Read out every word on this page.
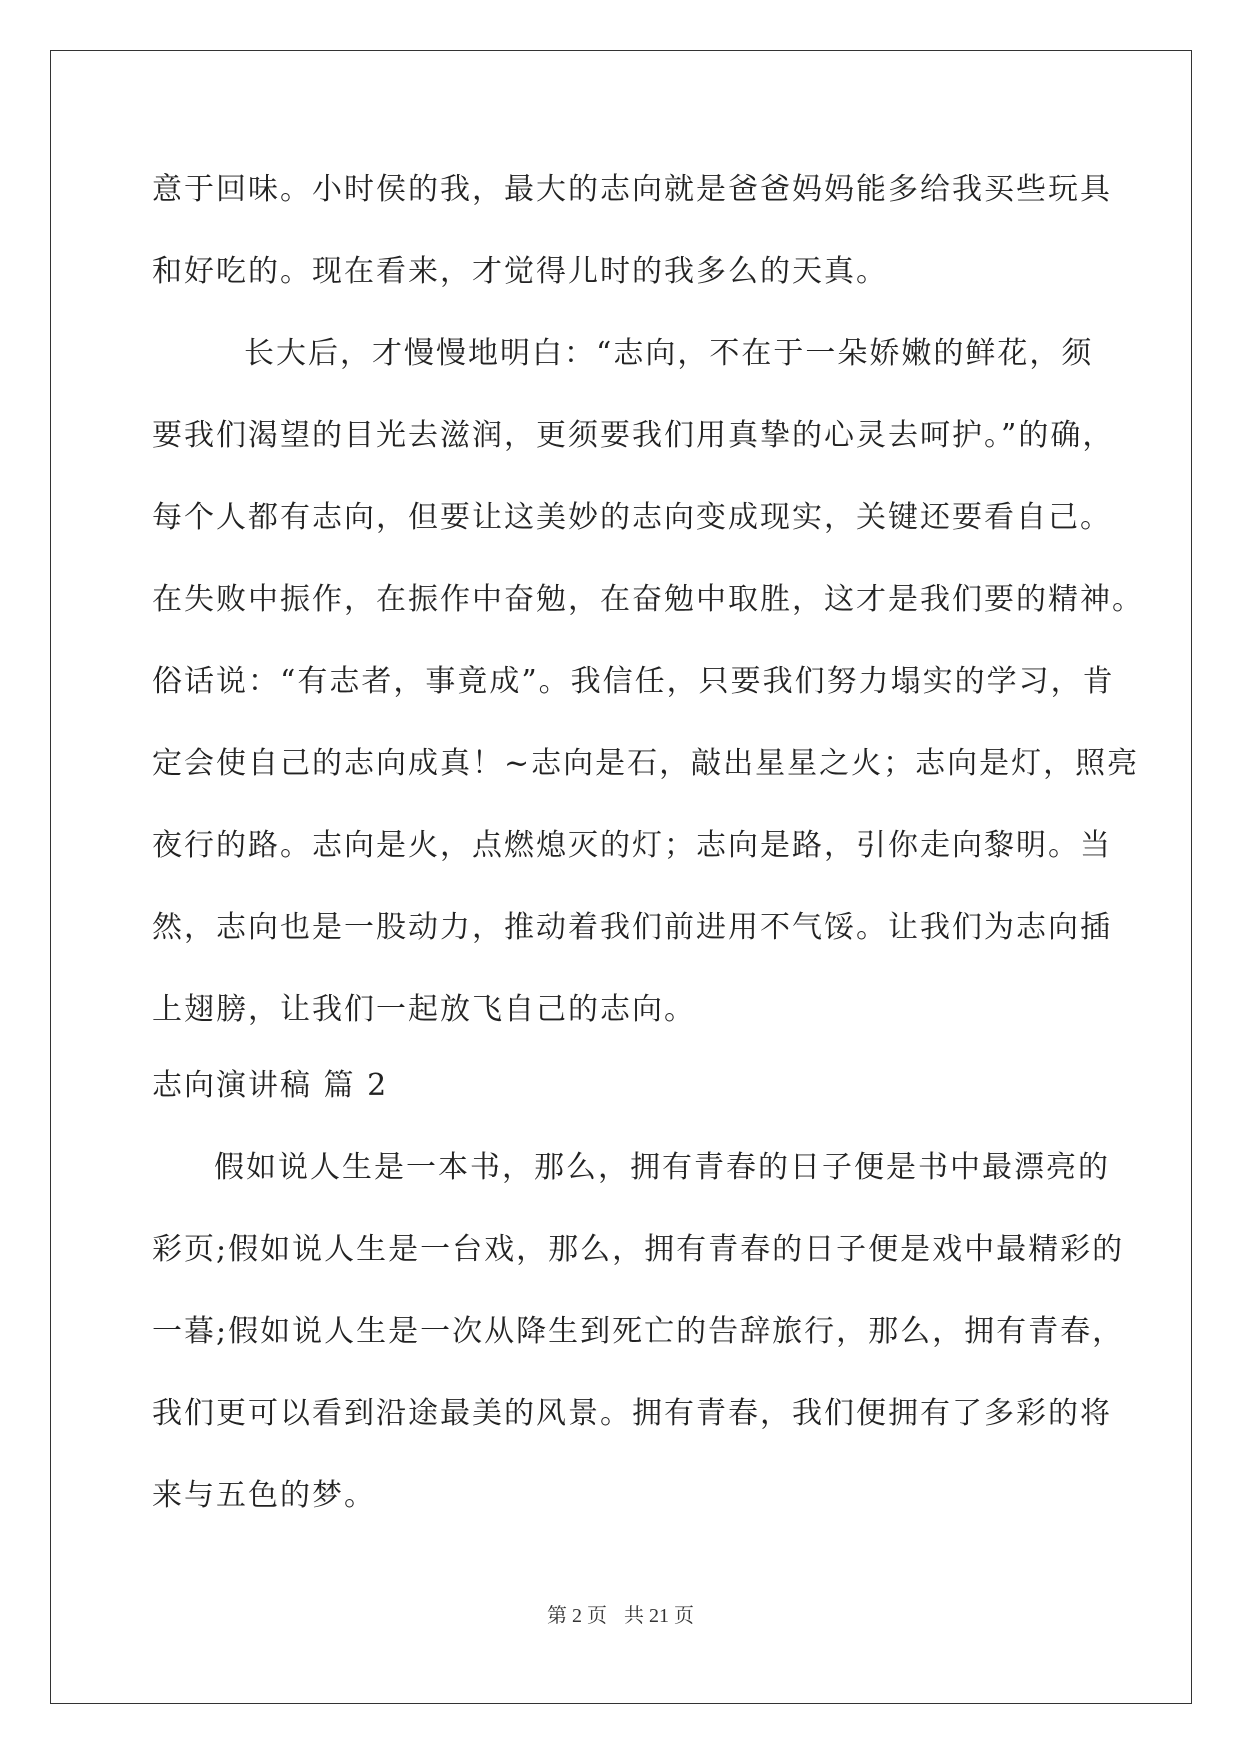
意于回味。小时侯的我，最大的志向就是爸爸妈妈能多给我买些玩具
和好吃的。现在看来，才觉得儿时的我多么的天真。
长大后，才慢慢地明白：“志向，不在于一朵娇嫩的鲜花，须
要我们渴望的目光去滋润，更须要我们用真挚的心灵去呵护。”的确，
每个人都有志向，但要让这美妙的志向变成现实，关键还要看自己。
在失败中振作，在振作中奋勉，在奋勉中取胜，这才是我们要的精神。
俗话说：“有志者，事竟成”。我信任，只要我们努力塌实的学习，肯
定会使自己的志向成真！~志向是石，敲出星星之火；志向是灯，照亮
夜行的路。志向是火，点燃熄灭的灯；志向是路，引你走向黎明。当
然，志向也是一股动力，推动着我们前进用不气馁。让我们为志向插
上翅膀，让我们一起放飞自己的志向。
志向演讲稿 篇 2
假如说人生是一本书，那么，拥有青春的日子便是书中最漂亮的
彩页;假如说人生是一台戏，那么，拥有青春的日子便是戏中最精彩的
一暮;假如说人生是一次从降生到死亡的告辞旅行，那么，拥有青春，
我们更可以看到沿途最美的风景。拥有青春，我们便拥有了多彩的将
来与五色的梦。
第 2 页 共 21 页
